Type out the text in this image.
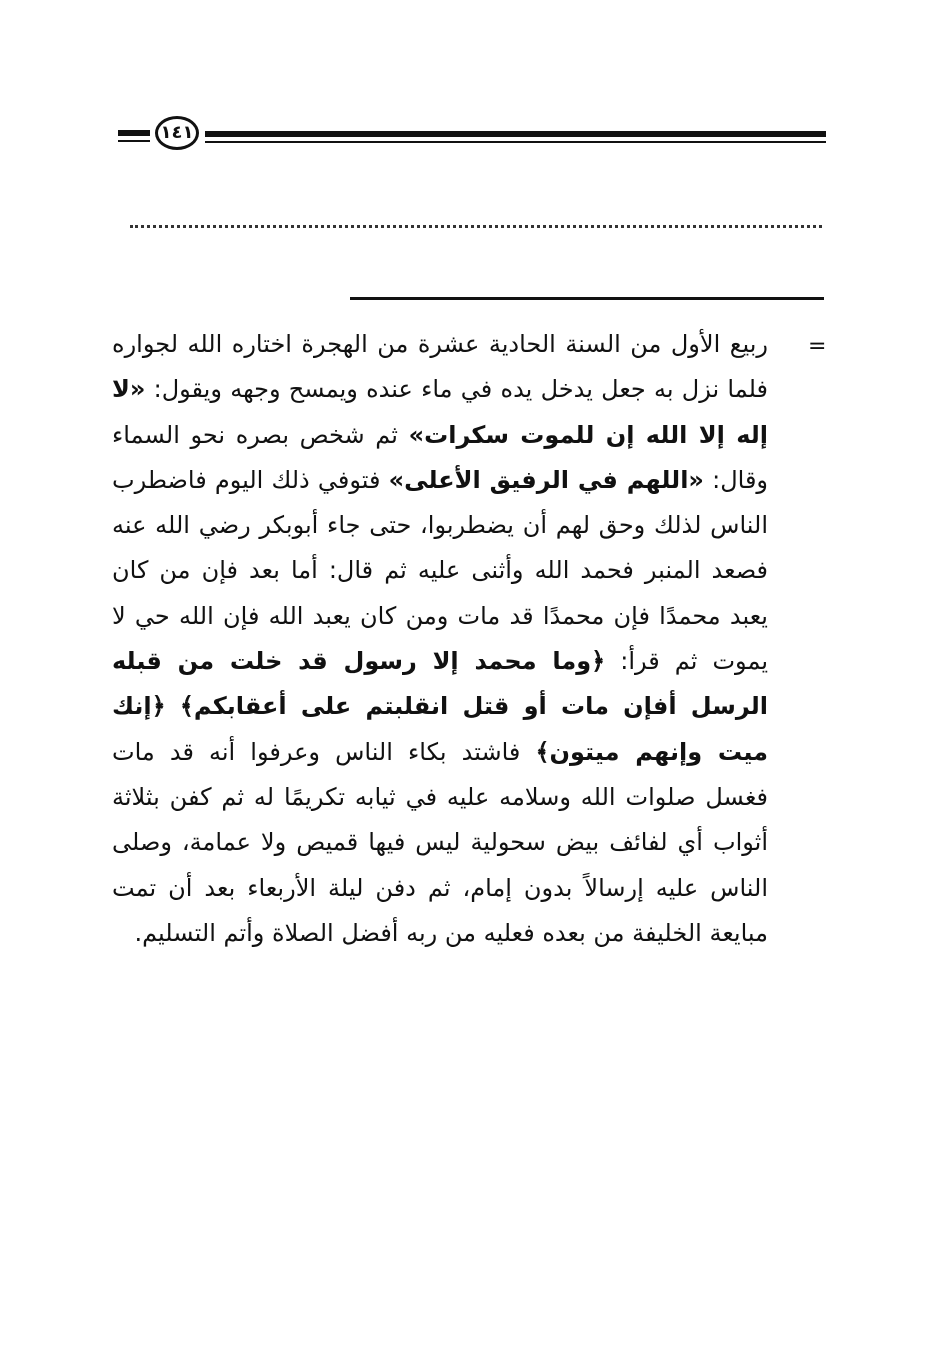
١٤١
=

ربيع الأول من السنة الحادية عشرة من الهجرة اختاره الله لجواره فلما نزل به جعل يدخل يده في ماء عنده ويمسح وجهه ويقول: «لا إله إلا الله إن للموت سكرات» ثم شخص بصره نحو السماء وقال: «اللهم في الرفيق الأعلى» فتوفي ذلك اليوم فاضطرب الناس لذلك وحق لهم أن يضطربوا، حتى جاء أبوبكر رضي الله عنه فصعد المنبر فحمد الله وأثنى عليه ثم قال: أما بعد فإن من كان يعبد محمدًا فإن محمدًا قد مات ومن كان يعبد الله فإن الله حي لا يموت ثم قرأ: ﴿وما محمد إلا رسول قد خلت من قبله الرسل أفإن مات أو قتل انقلبتم على أعقابكم﴾ ﴿إنك ميت وإنهم ميتون﴾ فاشتد بكاء الناس وعرفوا أنه قد مات فغسل صلوات الله وسلامه عليه في ثيابه تكريمًا له ثم كفن بثلاثة أثواب أي لفائف بيض سحولية ليس فيها قميص ولا عمامة، وصلى الناس عليه إرسالاً بدون إمام، ثم دفن ليلة الأربعاء بعد أن تمت مبايعة الخليفة من بعده فعليه من ربه أفضل الصلاة وأتم التسليم.
